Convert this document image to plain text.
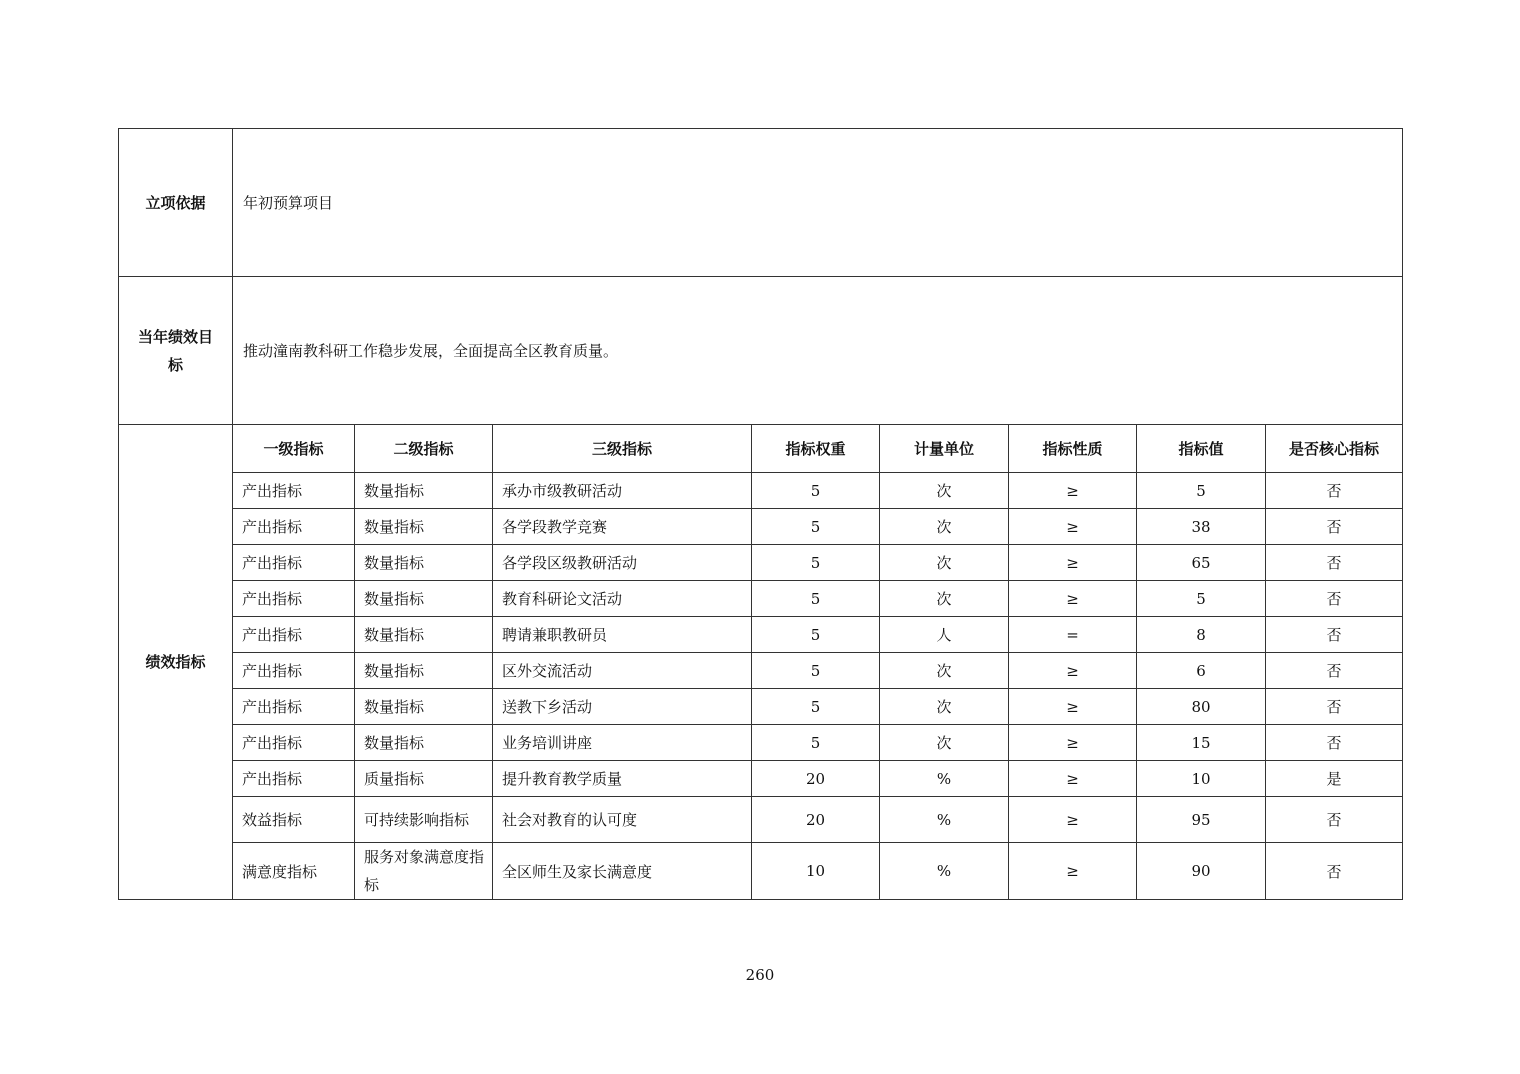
立项依据	年初预算项目							

当年绩效目
标	推动潼南教科研工作稳步发展，全面提高全区教育质量。							
绩效指标	一级指标	二级指标	三级指标	指标权重	计量单位	指标性质	指标值	是否核心指标
	产出指标	数量指标	承办市级教研活动	5	次	≥	5	否
	产出指标	数量指标	各学段教学竞赛	5	次	≥	38	否
	产出指标	数量指标	各学段区级教研活动	5	次	≥	65	否
	产出指标	数量指标	教育科研论文活动	5	次	≥	5	否
	产出指标	数量指标	聘请兼职教研员	5	人	=	8	否
	产出指标	数量指标	区外交流活动	5	次	≥	6	否
	产出指标	数量指标	送教下乡活动	5	次	≥	80	否
	产出指标	数量指标	业务培训讲座	5	次	≥	15	否
	产出指标	质量指标	提升教育教学质量	20	%	≥	10	是
	效益指标	可持续影响指标	社会对教育的认可度	20	%	≥	95	否
	满意度指标	服务对象满意度指标	全区师生及家长满意度	10	%	≥	90	否
260
